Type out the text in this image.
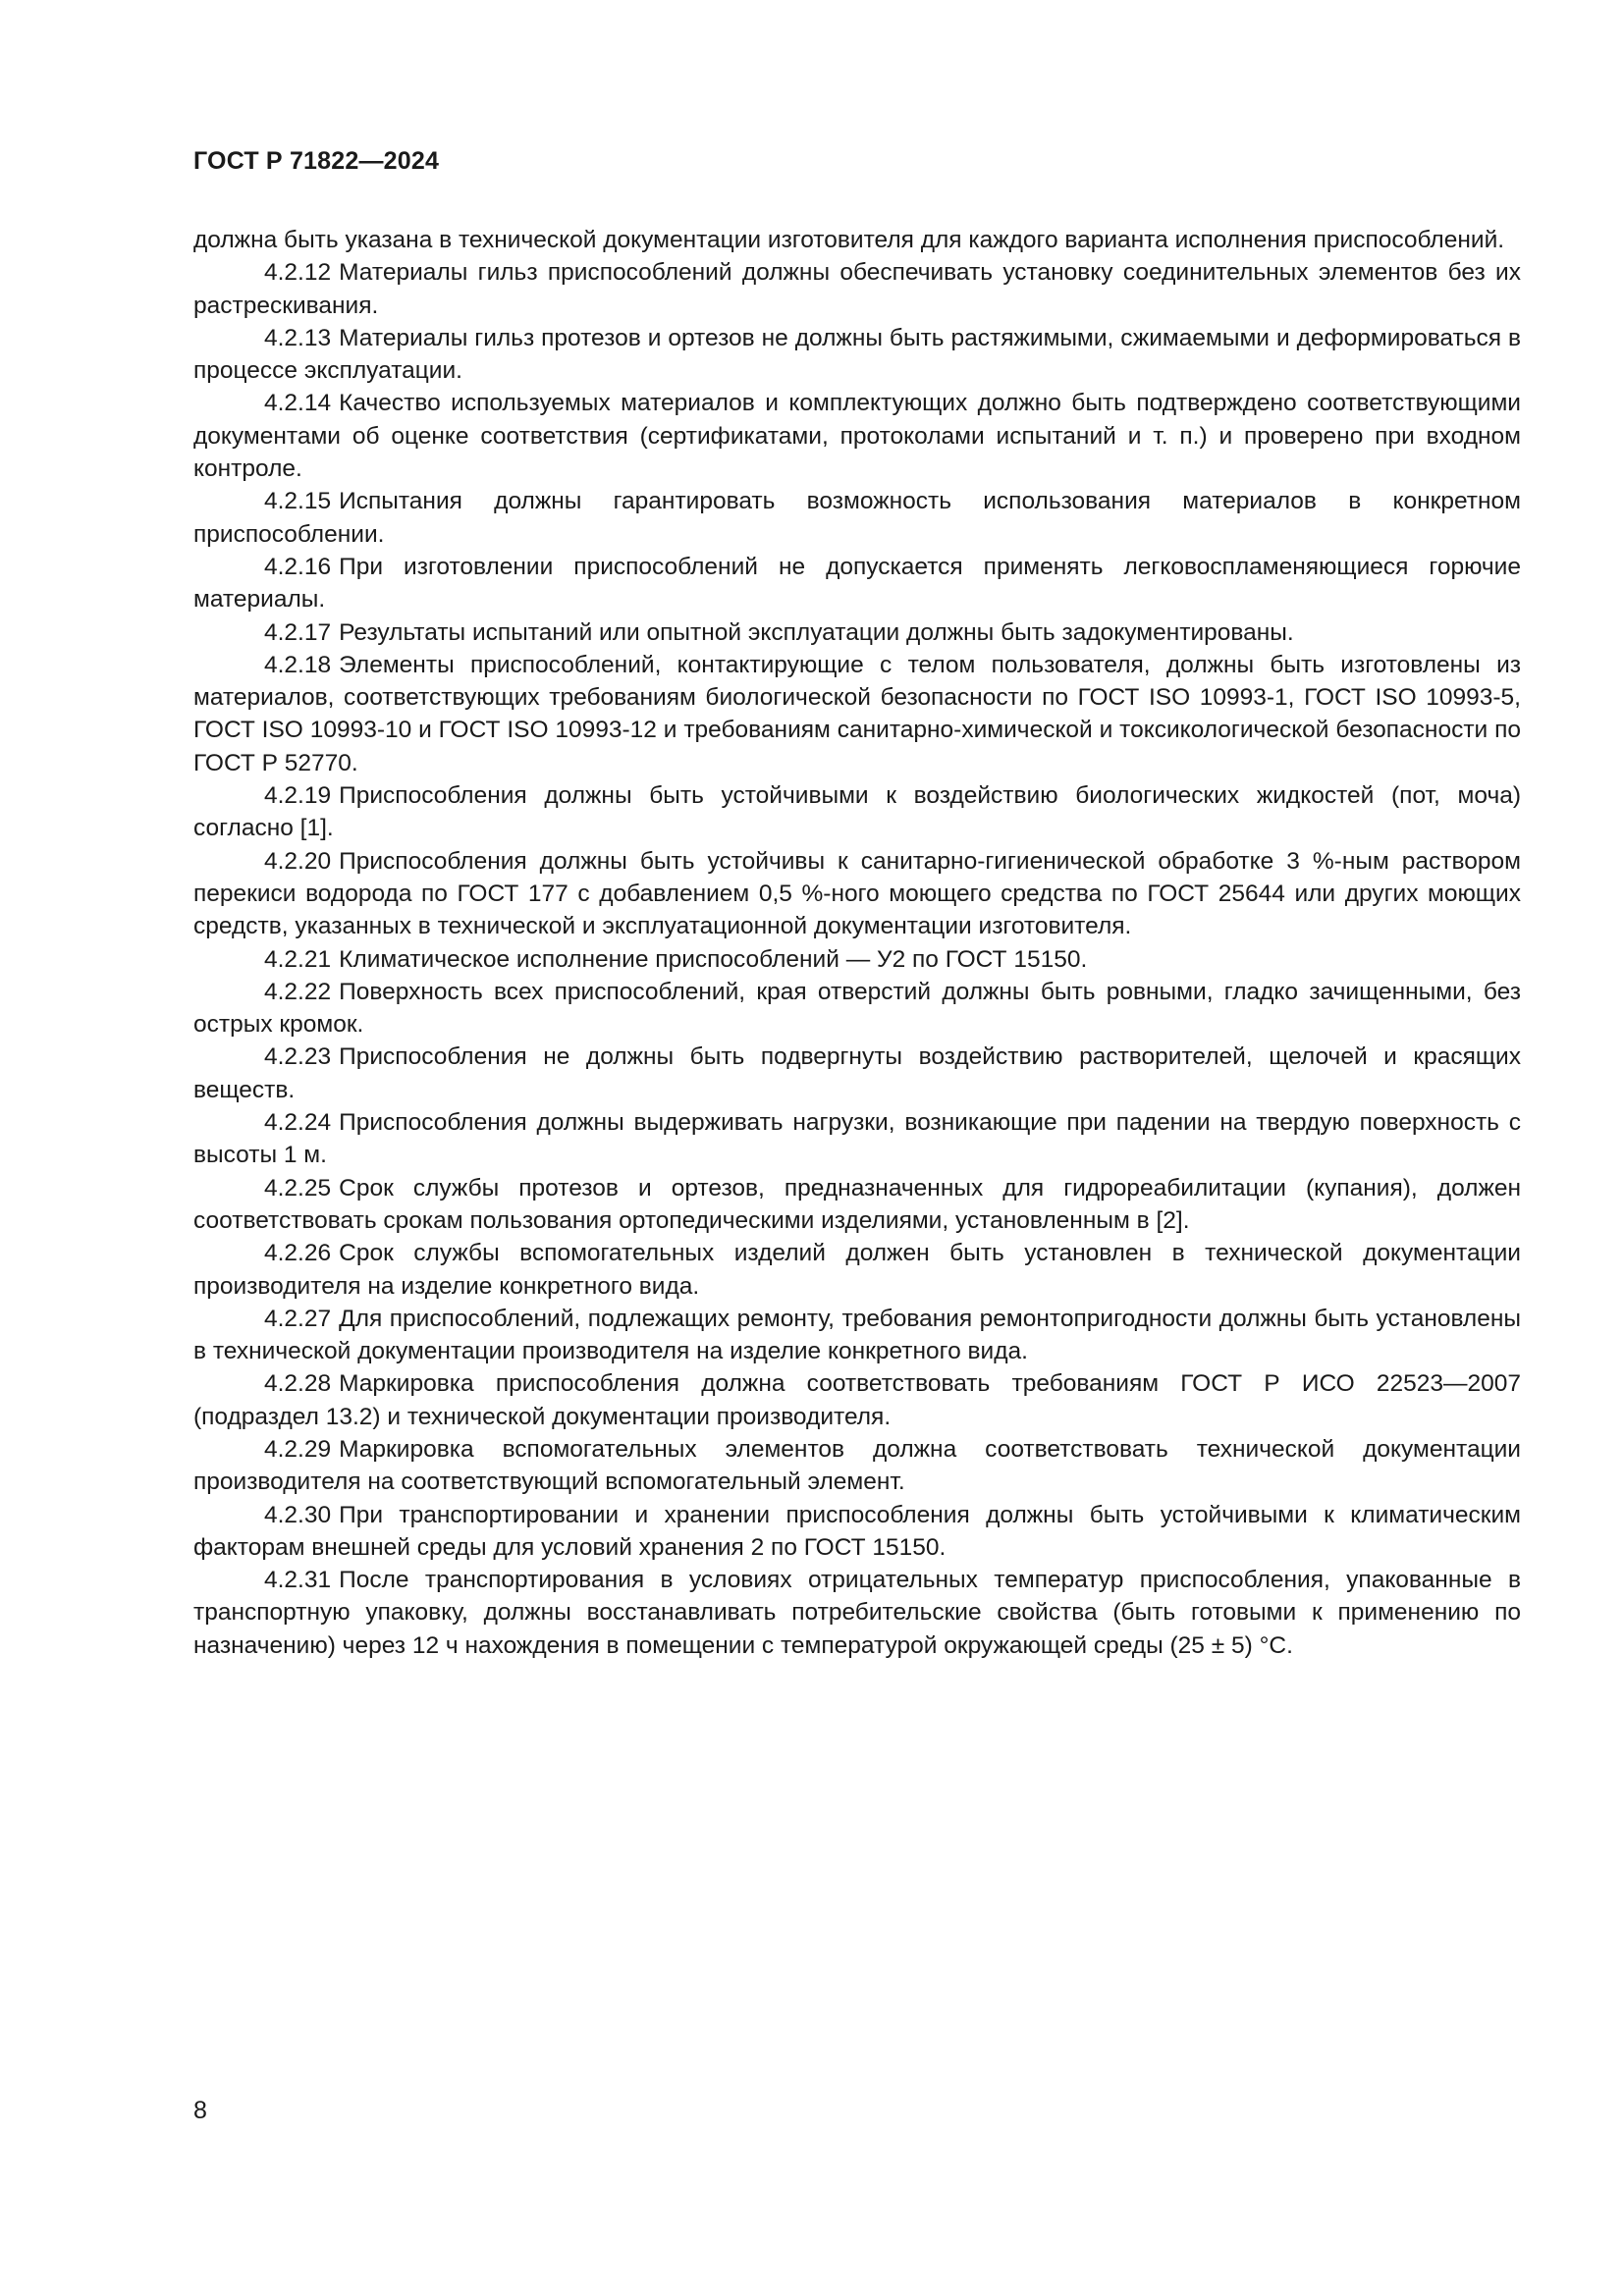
ГОСТ Р 71822—2024

должна быть указана в технической документации изготовителя для каждого варианта исполнения приспособлений.

4.2.12 Материалы гильз приспособлений должны обеспечивать установку соединительных элементов без их растрескивания.

4.2.13 Материалы гильз протезов и ортезов не должны быть растяжимыми, сжимаемыми и деформироваться в процессе эксплуатации.

4.2.14 Качество используемых материалов и комплектующих должно быть подтверждено соответствующими документами об оценке соответствия (сертификатами, протоколами испытаний и т. п.) и проверено при входном контроле.

4.2.15 Испытания должны гарантировать возможность использования материалов в конкретном приспособлении.

4.2.16 При изготовлении приспособлений не допускается применять легковоспламеняющиеся горючие материалы.

4.2.17 Результаты испытаний или опытной эксплуатации должны быть задокументированы.

4.2.18 Элементы приспособлений, контактирующие с телом пользователя, должны быть изготовлены из материалов, соответствующих требованиям биологической безопасности по ГОСТ ISO 10993-1, ГОСТ ISO 10993-5, ГОСТ ISO 10993-10 и ГОСТ ISO 10993-12 и требованиям санитарно-химической и токсикологической безопасности по ГОСТ Р 52770.

4.2.19 Приспособления должны быть устойчивыми к воздействию биологических жидкостей (пот, моча) согласно [1].

4.2.20 Приспособления должны быть устойчивы к санитарно-гигиенической обработке 3 %-ным раствором перекиси водорода по ГОСТ 177 с добавлением 0,5 %-ного моющего средства по ГОСТ 25644 или других моющих средств, указанных в технической и эксплуатационной документации изготовителя.

4.2.21 Климатическое исполнение приспособлений — У2 по ГОСТ 15150.

4.2.22 Поверхность всех приспособлений, края отверстий должны быть ровными, гладко зачищенными, без острых кромок.

4.2.23 Приспособления не должны быть подвергнуты воздействию растворителей, щелочей и красящих веществ.

4.2.24 Приспособления должны выдерживать нагрузки, возникающие при падении на твердую поверхность с высоты 1 м.

4.2.25 Срок службы протезов и ортезов, предназначенных для гидрореабилитации (купания), должен соответствовать срокам пользования ортопедическими изделиями, установленным в [2].

4.2.26 Срок службы вспомогательных изделий должен быть установлен в технической документации производителя на изделие конкретного вида.

4.2.27 Для приспособлений, подлежащих ремонту, требования ремонтопригодности должны быть установлены в технической документации производителя на изделие конкретного вида.

4.2.28 Маркировка приспособления должна соответствовать требованиям ГОСТ Р ИСО 22523—2007 (подраздел 13.2) и технической документации производителя.

4.2.29 Маркировка вспомогательных элементов должна соответствовать технической документации производителя на соответствующий вспомогательный элемент.

4.2.30 При транспортировании и хранении приспособления должны быть устойчивыми к климатическим факторам внешней среды для условий хранения 2 по ГОСТ 15150.

4.2.31 После транспортирования в условиях отрицательных температур приспособления, упакованные в транспортную упаковку, должны восстанавливать потребительские свойства (быть готовыми к применению по назначению) через 12 ч нахождения в помещении с температурой окружающей среды (25 ± 5) °С.

8
